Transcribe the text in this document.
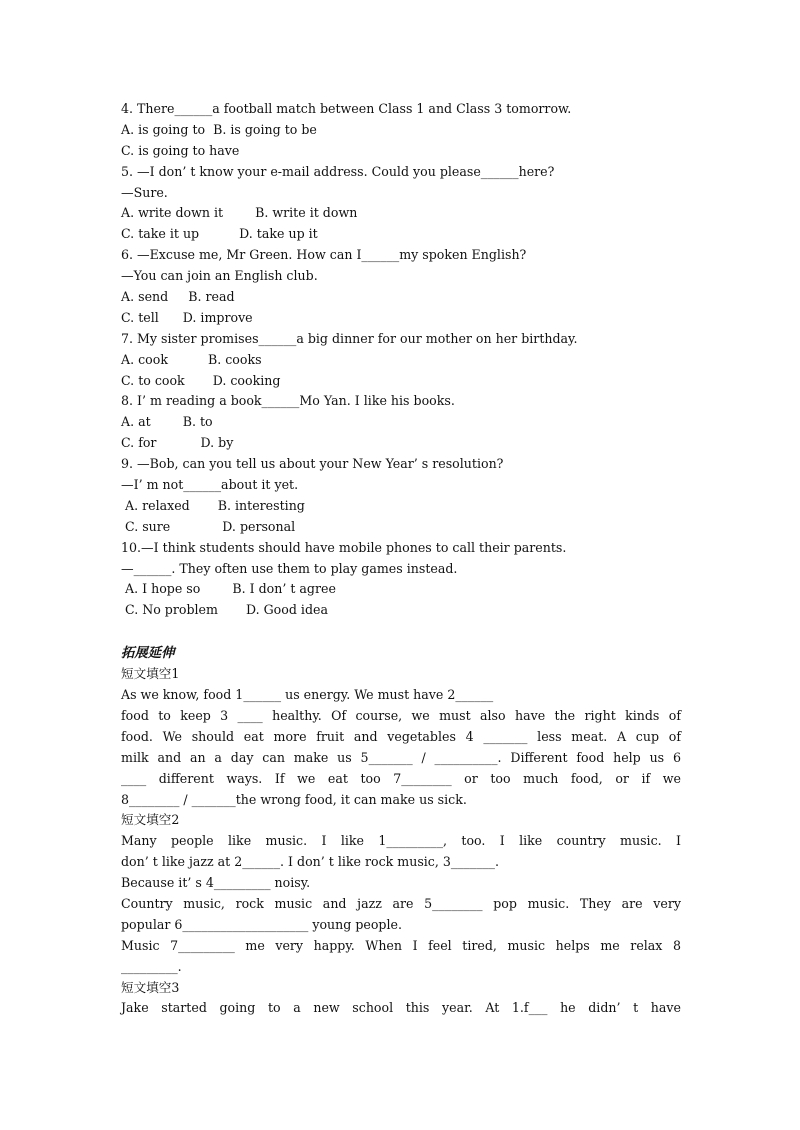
4. There______a football match between Class 1 and Class 3 tomorrow.
A. is going to  B. is going to be
C. is going to have
5. —I don’ t know your e-mail address. Could you please______here?
—Sure.
A. write down it        B. write it down
C. take it up          D. take up it
6. —Excuse me, Mr Green. How can I______my spoken English?
—You can join an English club.
A. send     B. read
C. tell      D. improve
7. My sister promises______a big dinner for our mother on her birthday.
A. cook          B. cooks
C. to cook       D. cooking
8. I’ m reading a book______Mo Yan. I like his books.
A. at        B. to
C. for           D. by
9. —Bob, can you tell us about your New Year’ s resolution?
—I’ m not______about it yet.
A. relaxed       B. interesting
C. sure             D. personal
10.—I think students should have mobile phones to call their parents.
—______. They often use them to play games instead.
A. I hope so        B. I don’ t agree
C. No problem       D. Good idea
拓展延伸
短文填空1
As we know, food 1______ us energy. We must have 2______
food to keep 3 ____ healthy. Of course, we must also have the right kinds of
food. We should eat more fruit and vegetables 4 _______ less meat. A cup of
milk and an a day can make us 5_______ / __________. Different food help us 6
____ different ways. If we eat too 7________ or too much food, or if we
8________ / _______the wrong food, it can make us sick.
短文填空2
Many people like music. I like 1_________, too. I like country music. I
don’ t like jazz at 2______. I don’ t like rock music, 3_______.
Because it’ s 4_________ noisy.
Country music, rock music and jazz are 5________ pop music. They are very
popular 6____________________ young people.
Music 7_________ me very happy. When I feel tired, music helps me relax 8
_________.
短文填空3
Jake started going to a new school this year. At 1.f___ he didn’ t have
